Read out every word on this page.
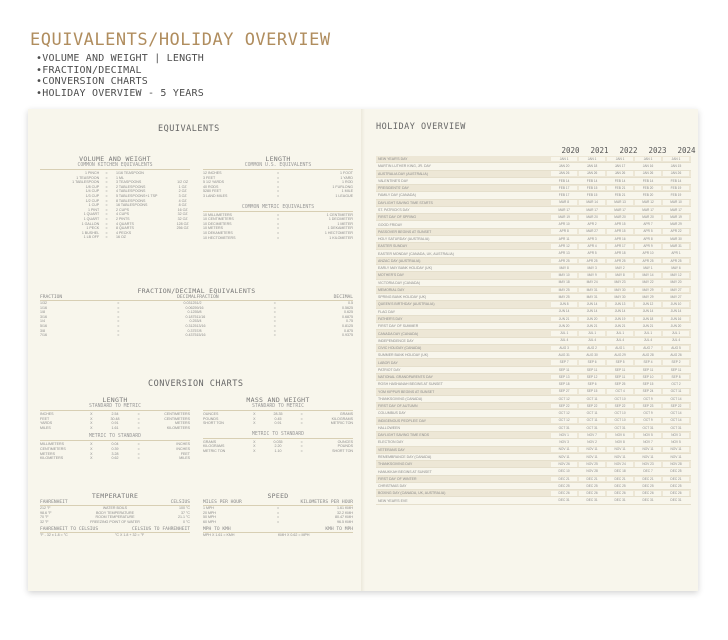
EQUIVALENTS/HOLIDAY OVERVIEW
• VOLUME AND WEIGHT | LENGTH
• FRACTION/DECIMAL
• CONVERSION CHARTS
• HOLIDAY OVERVIEW - 5 YEARS
EQUIVALENTS
VOLUME AND WEIGHT
COMMON KITCHEN EQUIVALENTS
1 PINCH	=	1/16 TEASPOON
1 TEASPOON	=	1 ML
1 TABLESPOON	=	3 TEASPOONS	1/2 OZ
1/8 CUP	=	2 TABLESPOONS	1 OZ
1/4 CUP	=	4 TABLESPOONS	2 OZ
1/3 CUP	=	5 TABLESPOONS+1 TSP	3 OZ
1/2 CUP	=	8 TABLESPOONS	4 OZ
1 CUP	=	16 TABLESPOONS	8 OZ
1 PINT	=	2 CUPS	16 OZ
1 QUART	=	4 CUPS	32 OZ
1 QUART	=	2 PINTS	32 OZ
1 GALLON	=	4 QUARTS	128 OZ
1 PECK	=	8 QUARTS	256 OZ
1 BUSHEL	=	4 PECKS
1 LB OFF	=	16 OZ
LENGTH
COMMON U.S. EQUIVALENTS
12 INCHES	=	1 FOOT
3 FEET	=	1 YARD
5 1/2 YARDS	=	1 ROD
40 RODS	=	1 FURLONG
5280 FEET	=	1 MILE
3 LAND MILES	=	1 LEAGUE
COMMON METRIC EQUIVALENTS
10 MILLIMETERS	=	1 CENTIMETER
10 CENTIMETERS	=	1 DECIMETER
10 DECIMETERS	=	1 METER
10 METERS	=	1 DEKAMETER
10 DEKAMETERS	=	1 HECTOMETER
10 HECTOMETERS	=	1 KILOMETER
FRACTION/DECIMAL EQUIVALENTS
FRACTION	DECIMAL FRACTION	DECIMAL
1/32	=	0.03125 1/2	=	0.5
1/16	=	0.0625 9/16	=	0.5625
1/8	=	0.125 5/8	=	0.625
3/16	=	0.1875 11/16	=	0.6875
1/4	=	0.25 3/4	=	0.75
5/16	=	0.3125 13/16	=	0.8125
3/8	=	0.375 7/8	=	0.875
7/16	=	0.4375 15/16	=	0.9375
CONVERSION CHARTS
LENGTH
STANDARD TO METRIC
INCHES	X	2.54	=	CENTIMETERS
FEET	X	30.48	=	CENTIMETERS
YARDS	X	0.91	=	METERS
MILES	X	1.61	=	KILOMETERS
METRIC TO STANDARD
MILLIMETERS	X	0.04	=	INCHES
CENTIMETERS	X	0.39	=	INCHES
METERS	X	3.28	=	FEET
KILOMETERS	X	0.62	=	MILES
MASS AND WEIGHT
STANDARD TO METRIC
OUNCES	X	28.35	=	GRAMS
POUNDS	X	0.45	=	KILOGRAMS
SHORT TON	X	0.91	=	METRIC TON
METRIC TO STANDARD
GRAMS	X	0.035	=	OUNCES
KILOGRAMS	X	2.20	=	POUNDS
METRIC TON	X	1.10	=	SHORT TON
TEMPERATURE
FAHRENHEIT	CELSIUS
212 °F	WATER BOILS	100 °C
98.6 °F	BODY TEMPERATURE	37 °C
70 °F	ROOM TEMPERATURE	21.1 °C
32 °F	FREEZING POINT OF WATER	0 °C
FAHRENHEIT TO CELSIUS	CELSIUS TO FAHRENHEIT
°F - 32 x 1.8 = °C	°C X 1.8 + 32 = °F
SPEED
MILES PER HOUR	KILOMETERS PER HOUR
1 MPH	=	1.61 KMH
20 MPH	=	32.2 KMH
50 MPH	=	80.47 KMH
60 MPH	=	96.5 KMH
MPH TO KMH	KMH TO MPH
MPH X 1.61 = KMH	KMH X 0.62 = MPH
HOLIDAY OVERVIEW
2020	2021	2022	2023	2024
NEW YEAR'S DAY	JAN 1	JAN 1	JAN 1	JAN 1	JAN 1
MARTIN LUTHER KING, JR. DAY	JAN 20	JAN 18	JAN 17	JAN 16	JAN 15
AUSTRALIA DAY (AUSTRALIA)	JAN 26	JAN 26	JAN 26	JAN 26	JAN 26
VALENTINE'S DAY	FEB 14	FEB 14	FEB 14	FEB 14	FEB 14
PRESIDENTS' DAY	FEB 17	FEB 15	FEB 21	FEB 20	FEB 19
FAMILY DAY (CANADA)	FEB 17	FEB 15	FEB 21	FEB 20	FEB 19
DAYLIGHT SAVING TIME STARTS	MAR 8	MAR 14	MAR 13	MAR 12	MAR 10
ST. PATRICK'S DAY	MAR 17	MAR 17	MAR 17	MAR 17	MAR 17
FIRST DAY OF SPRING	MAR 19	MAR 20	MAR 20	MAR 20	MAR 19
GOOD FRIDAY	APR 10	APR 2	APR 15	APR 7	MAR 29
PASSOVER BEGINS AT SUNSET	APR 8	MAR 27	APR 15	APR 5	APR 22
HOLY SATURDAY (AUSTRALIA)	APR 11	APR 3	APR 16	APR 8	MAR 30
EASTER SUNDAY	APR 12	APR 4	APR 17	APR 9	MAR 31
EASTER MONDAY (CANADA, UK, AUSTRALIA)	APR 13	APR 5	APR 18	APR 10	APR 1
ANZAC DAY (AUSTRALIA)	APR 25	APR 25	APR 25	APR 25	APR 25
EARLY MAY BANK HOLIDAY (UK)	MAY 8	MAY 3	MAY 2	MAY 1	MAY 6
MOTHER'S DAY	MAY 10	MAY 9	MAY 8	MAY 14	MAY 12
VICTORIA DAY (CANADA)	MAY 18	MAY 24	MAY 23	MAY 22	MAY 20
MEMORIAL DAY	MAY 25	MAY 31	MAY 30	MAY 29	MAY 27
SPRING BANK HOLIDAY (UK)	MAY 25	MAY 31	MAY 30	MAY 29	MAY 27
QUEEN'S BIRTHDAY (AUSTRALIA)	JUN 8	JUN 14	JUN 13	JUN 12	JUN 10
FLAG DAY	JUN 14	JUN 14	JUN 14	JUN 14	JUN 14
FATHER'S DAY	JUN 21	JUN 20	JUN 19	JUN 18	JUN 16
FIRST DAY OF SUMMER	JUN 20	JUN 21	JUN 21	JUN 21	JUN 20
CANADA DAY (CANADA)	JUL 1	JUL 1	JUL 1	JUL 1	JUL 1
INDEPENDENCE DAY	JUL 4	JUL 4	JUL 4	JUL 4	JUL 4
CIVIC HOLIDAY (CANADA)	AUG 3	AUG 2	AUG 1	AUG 7	AUG 5
SUMMER BANK HOLIDAY (UK)	AUG 31	AUG 30	AUG 29	AUG 28	AUG 26
LABOR DAY	SEP 7	SEP 6	SEP 5	SEP 4	SEP 2
PATRIOT DAY	SEP 11	SEP 11	SEP 11	SEP 11	SEP 11
NATIONAL GRANDPARENTS DAY	SEP 13	SEP 12	SEP 11	SEP 10	SEP 8
ROSH HASHANAH BEGINS AT SUNSET	SEP 18	SEP 6	SEP 25	SEP 15	OCT 2
YOM KIPPUR BEGINS AT SUNSET	SEP 27	SEP 15	OCT 4	SEP 24	OCT 11
THANKSGIVING (CANADA)	OCT 12	OCT 11	OCT 10	OCT 9	OCT 14
FIRST DAY OF AUTUMN	SEP 22	SEP 22	SEP 22	SEP 23	SEP 22
COLUMBUS DAY	OCT 12	OCT 11	OCT 10	OCT 9	OCT 14
INDIGENOUS PEOPLES' DAY	OCT 12	OCT 11	OCT 10	OCT 9	OCT 14
HALLOWEEN	OCT 31	OCT 31	OCT 31	OCT 31	OCT 31
DAYLIGHT SAVING TIME ENDS	NOV 1	NOV 7	NOV 6	NOV 5	NOV 3
ELECTION DAY	NOV 3	NOV 2	NOV 8	NOV 7	NOV 5
VETERANS DAY	NOV 11	NOV 11	NOV 11	NOV 11	NOV 11
REMEMBRANCE DAY (CANADA)	NOV 11	NOV 11	NOV 11	NOV 11	NOV 11
THANKSGIVING DAY	NOV 26	NOV 25	NOV 24	NOV 23	NOV 28
HANUKKAH BEGINS AT SUNSET	DEC 10	NOV 28	DEC 18	DEC 7	DEC 25
FIRST DAY OF WINTER	DEC 21	DEC 21	DEC 21	DEC 21	DEC 21
CHRISTMAS DAY	DEC 25	DEC 25	DEC 25	DEC 25	DEC 25
BOXING DAY (CANADA, UK, AUSTRALIA)	DEC 26	DEC 26	DEC 26	DEC 26	DEC 26
NEW YEAR'S EVE	DEC 31	DEC 31	DEC 31	DEC 31	DEC 31
